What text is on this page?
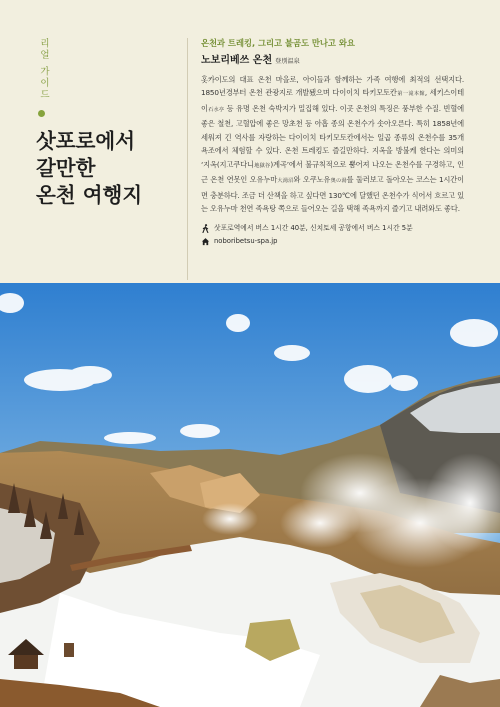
리얼 가이드
삿포로에서
갈만한
온천 여행지
온천과 트레킹, 그리고 불곰도 만나고 와요
노보리베쓰 온천 登別温泉
홋카이도의 대표 온천 마을로, 아이들과 함께하는 가족 여행에 최적의 선택지다. 1850년경부터 온천 관광지로 개발됐으며 다이이치 타키모토칸第一滝本館, 세키스이테이石水亭 등 유명 온천 숙박지가 밀집해 있다. 이곳 온천의 특징은 풍부한 수질. 빈혈에 좋은 철천, 고혈압에 좋은 망초천 등 아홉 종의 온천수가 솟아오른다. 특히 1858년에 세워져 긴 역사를 자랑하는 다이이치 타키모토칸에서는 일곱 종류의 온천수를 35개 욕조에서 체험할 수 있다. 온천 트레킹도 즐길만하다. 지옥을 방불케 한다는 의미의 ‘지옥(지고쿠다니地獄谷)계곡’에서 불규칙적으로 뿜어져 나오는 온천수를 구경하고, 인근 온천 연못인 오유누마大湯沼와 오쿠노유奥の湯를 둘러보고 돌아오는 코스는 1시간이면 충분하다. 조금 더 산책을 하고 싶다면 130℃에 달했던 온천수가 식어서 흐르고 있는 오유누마 천연 족욕탕 쪽으로 들어오는 길을 택해 족욕까지 즐기고 내려와도 좋다.
삿포로역에서 버스 1시간 40분, 신치토세 공항에서 버스 1시간 5분
noboribetsu-spa.jp
